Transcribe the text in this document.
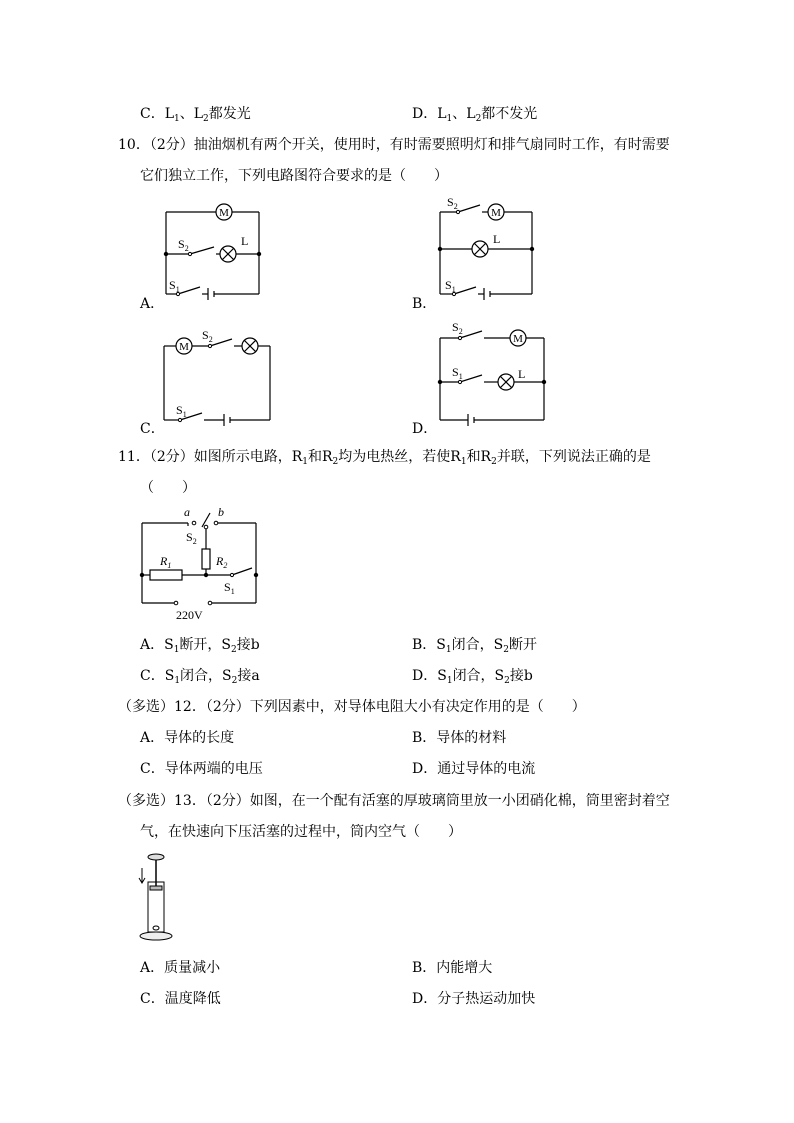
C．$L_1$、$L_2$都发光	D．$L_1$、$L_2$都不发光
10．（2分）抽油烟机有两个开关，使用时，有时需要照明灯和排气扇同时工作，有时需要
它们独立工作，下列电路图符合要求的是（　　）
A．
M
L
$S_2$
$S_1$
B．
M
L
$S_2$
$S_1$
C．
M
$S_2$
$S_1$
D．
M
L
$S_2$
$S_1$
11．（2分）如图所示电路，$R_1$和$R_2$均为电热丝，若使$R_1$和$R_2$并联，下列说法正确的是
（　　）
a b
$S_2$
$R_1$	$R_2$
$S_1$
220V
A．$S_1$断开，$S_2$接b	B．$S_1$闭合，$S_2$断开
C．$S_1$闭合，$S_2$接a	D．$S_1$闭合，$S_2$接b
（多选）12．（2分）下列因素中，对导体电阻大小有决定作用的是（　　）
A．导体的长度	B．导体的材料
C．导体两端的电压	D．通过导体的电流
（多选）13．（2分）如图，在一个配有活塞的厚玻璃筒里放一小团硝化棉，筒里密封着空
气，在快速向下压活塞的过程中，筒内空气（　　）
A．质量减小	B．内能增大
C．温度降低	D．分子热运动加快
